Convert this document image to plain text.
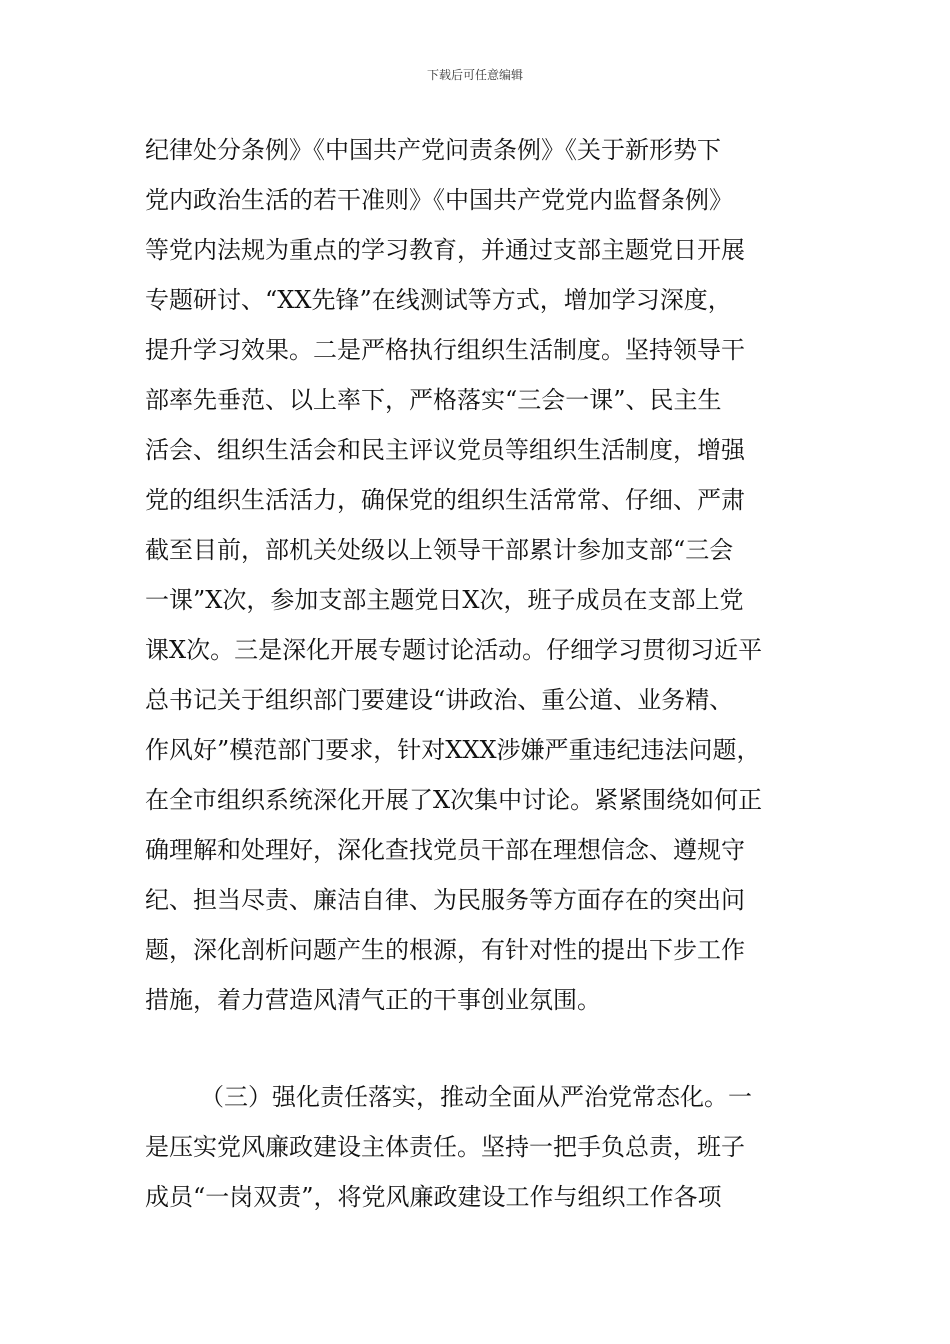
下载后可任意编辑
纪律处分条例》《中国共产党问责条例》《关于新形势下
党内政治生活的若干准则》《中国共产党党内监督条例》
等党内法规为重点的学习教育，并通过支部主题党日开展
专题研讨、“XX先锋”在线测试等方式，增加学习深度，
提升学习效果。二是严格执行组织生活制度。坚持领导干
部率先垂范、以上率下，严格落实“三会一课”、民主生
活会、组织生活会和民主评议党员等组织生活制度，增强
党的组织生活活力，确保党的组织生活常常、仔细、严肃
截至目前，部机关处级以上领导干部累计参加支部“三会
一课”X次，参加支部主题党日X次，班子成员在支部上党
课X次。三是深化开展专题讨论活动。仔细学习贯彻习近平
总书记关于组织部门要建设“讲政治、重公道、业务精、
作风好”模范部门要求，针对XXX涉嫌严重违纪违法问题，
在全市组织系统深化开展了X次集中讨论。紧紧围绕如何正
确理解和处理好，深化查找党员干部在理想信念、遵规守
纪、担当尽责、廉洁自律、为民服务等方面存在的突出问
题，深化剖析问题产生的根源，有针对性的提出下步工作
措施，着力营造风清气正的干事创业氛围。
（三）强化责任落实，推动全面从严治党常态化。一
是压实党风廉政建设主体责任。坚持一把手负总责，班子
成员“一岗双责”，将党风廉政建设工作与组织工作各项
